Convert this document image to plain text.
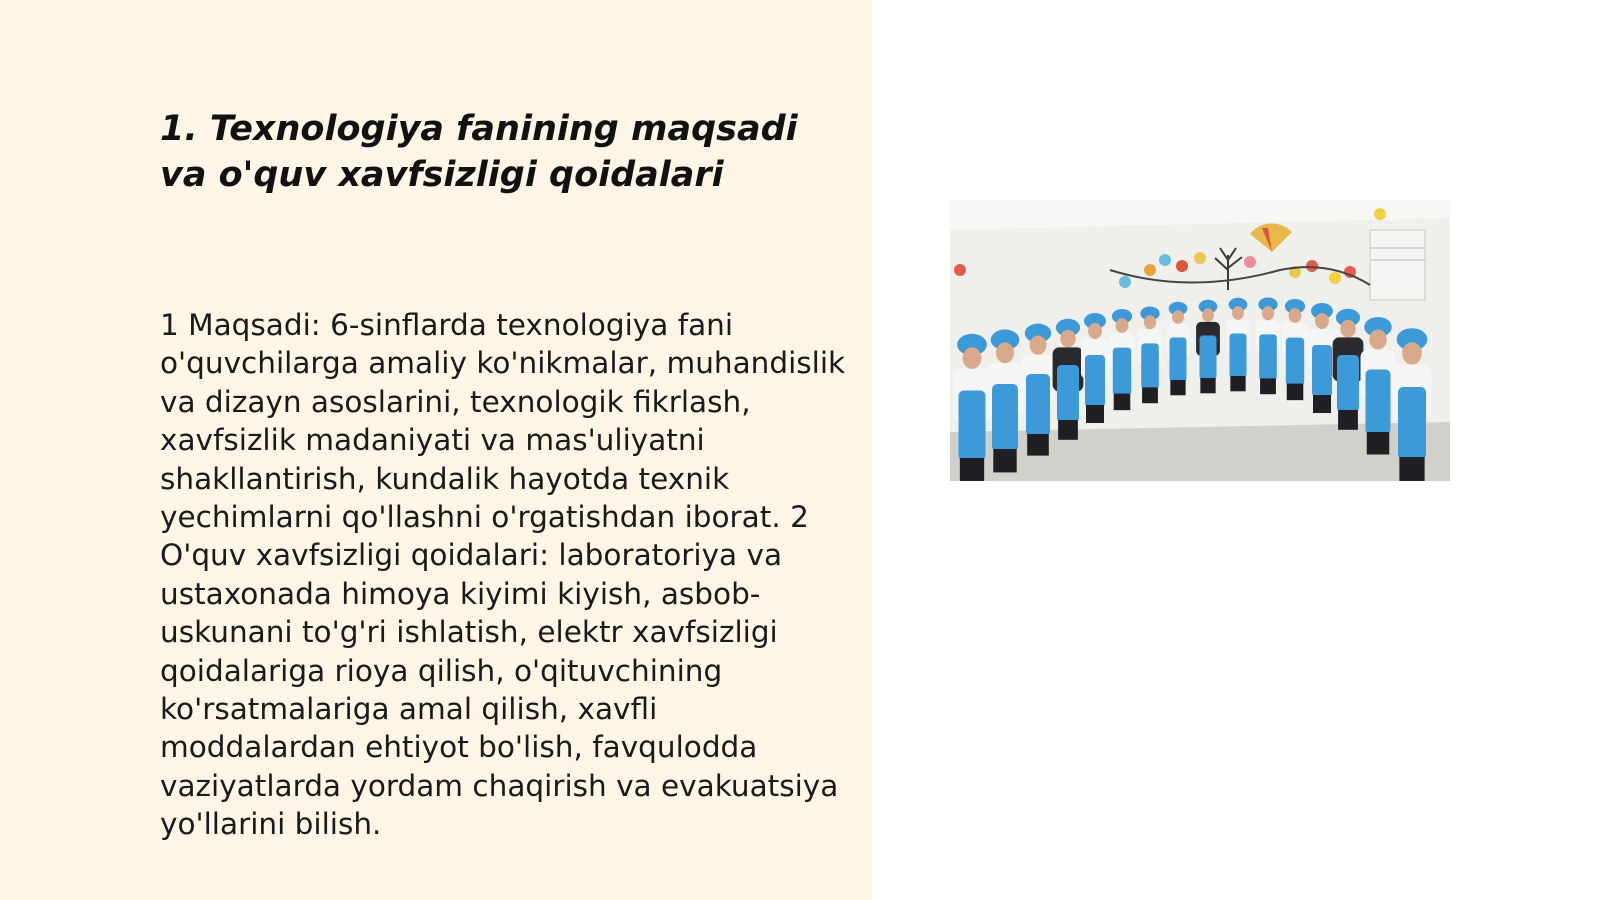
1. Texnologiya fanining maqsadi va o'quv xavfsizligi qoidalari

1 Maqsadi: 6-sinflarda texnologiya fani o'quvchilarga amaliy ko'nikmalar, muhandislik va dizayn asoslarini, texnologik fikrlash, xavfsizlik madaniyati va mas'uliyatni shakllantirish, kundalik hayotda texnik yechimlarni qo'llashni o'rgatishdan iborat. 2 O'quv xavfsizligi qoidalari: laboratoriya va ustaxonada himoya kiyimi kiyish, asbob-uskunani to'g'ri ishlatish, elektr xavfsizligi qoidalariga rioya qilish, o'qituvchining ko'rsatmalariga amal qilish, xavfli moddalardan ehtiyot bo'lish, favqulodda vaziyatlarda yordam chaqirish va evakuatsiya yo'llarini bilish.
